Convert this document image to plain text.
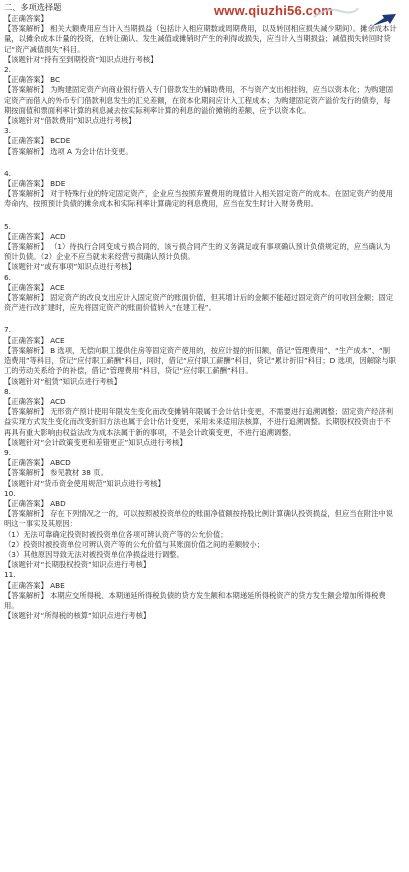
www.qiuzhi56.com
二、多项选择题

【正确答案】

【答案解析】 相关大额费用应当计入当期损益（包括计入相应期数或周期费用，以及转回相应损失减少期间）。摊余成本计量，以摊余成本计量的投资，在转让确认、发生减值或摊销时产生的利得或损失，应当计入当期损益；减值损失转回时贷记“资产减值损失”科目。

【该题针对“持有至到期投资”知识点进行考核】

2.

【正确答案】 BC

【答案解析】 为购建固定资产向商业银行借入专门借款发生的辅助费用，不与资产支出相挂钩，应当以资本化；为购建固定资产而借入的外币专门借款利息发生的汇兑差额，在资本化期间应计入工程成本；为购建固定资产溢价发行的债券，每期按面值和票面利率计算的利息减去按实际利率计算的利息的溢价摊销的差额，应予以资本化。

【该题针对“借款费用”知识点进行考核】

3.

【正确答案】 BCDE

【答案解析】 选项 A 为会计估计变更。

4.

【正确答案】 BDE

【答案解析】 对于特殊行业的特定固定资产，企业应当按照弃置费用的现值计入相关固定资产的成本。在固定资产的使用寿命内，按照预计负债的摊余成本和实际利率计算确定的利息费用，应当在发生时计入财务费用。

5.

【正确答案】 ACD

【答案解析】 （1）待执行合同变成亏损合同的，该亏损合同产生的义务满足或有事项确认预计负债规定的，应当确认为预计负债。（2）企业不应当就未来经营亏损确认预计负债。

【该题针对“或有事项”知识点进行考核】

6.

【正确答案】 ACE

【答案解析】 固定资产的改良支出应计入固定资产的账面价值，但其增计后的金额不能超过固定资产的可收回金额；固定资产进行改扩建时，应先将固定资产的账面价值转入“在建工程”。

7.

【正确答案】 ACE

【答案解析】 B 选项，无偿向职工提供住房等固定资产使用的，按应计提的折旧额，借记“管理费用”、“生产成本”、“制造费用”等科目，贷记“应付职工薪酬”科目，同时，借记“应付职工薪酬”科目，贷记“累计折旧”科目；D 选项，因解除与职工的劳动关系给予的补偿，借记“管理费用”科目，贷记“应付职工薪酬”科目。

【该题针对“租赁”知识点进行考核】

8.

【正确答案】 ACD

【答案解析】 无形资产预计使用年限发生变化而改变摊销年限属于会计估计变更，不需要进行追溯调整；固定资产经济利益实现方式发生变化而改变折旧方法也属于会计估计变更，采用未来适用法核算，不进行追溯调整。长期股权投资由于不再具有重大影响由权益法改为成本法属于新的事项，不是会计政策变更，不进行追溯调整。

【该题针对“会计政策变更和差错更正”知识点进行考核】

9.

【正确答案】 ABCD

【答案解析】 参见教材 38 页。

【该题针对“货币资金使用规范”知识点进行考核】

10.

【正确答案】 ABD

【答案解析】 存在下列情况之一的，可以按照被投资单位的账面净值额按持股比例计算确认投资损益，但应当在附注中说明这一事实及其原因：

（1）无法可靠确定投资时被投资单位各项可辨认资产等的公允价值；

（2）投资时被投资单位可辨认资产等的公允价值与其账面价值之间的差额较小；

（3）其他原因导致无法对被投资单位净损益进行调整。

【该题针对“长期股权投资”知识点进行考核】

11.

【正确答案】 ABE

【答案解析】 本期应交所得税、本期递延所得税负债的贷方发生额和本期递延所得税资产的贷方发生额会增加所得税费用。

【该题针对“所得税的核算”知识点进行考核】
